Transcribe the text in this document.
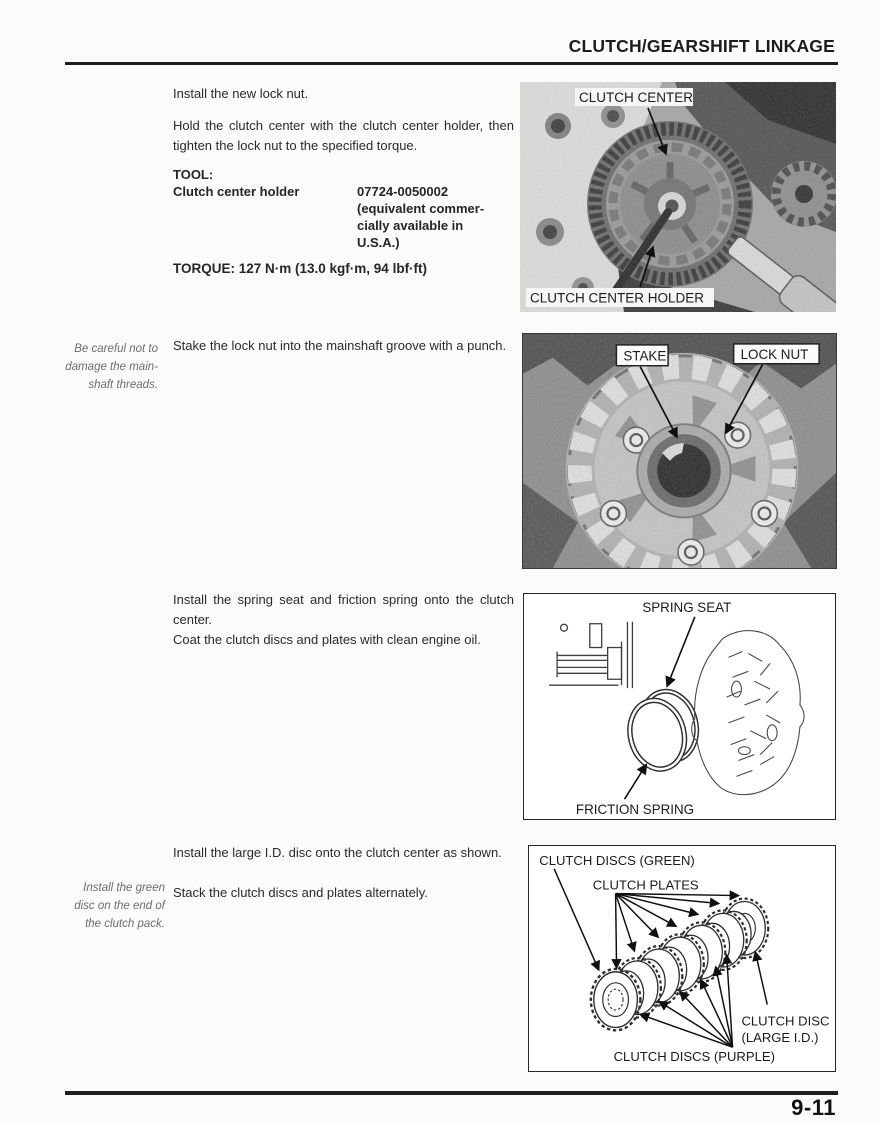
CLUTCH/GEARSHIFT LINKAGE
Install the new lock nut.
Hold the clutch center with the clutch center holder, then tighten the lock nut to the specified torque.
TOOL:
Clutch center holder	07724-0050002
(equivalent commer-
cially available in
U.S.A.)
TORQUE: 127 N·m (13.0 kgf·m, 94 lbf·ft)
CLUTCH CENTER
CLUTCH CENTER HOLDER
Be careful not to
damage the main-
shaft threads.
Stake the lock nut into the mainshaft groove with a punch.
STAKE	LOCK NUT
Install the spring seat and friction spring onto the clutch center.
Coat the clutch discs and plates with clean engine oil.
SPRING SEAT
FRICTION SPRING
Install the large I.D. disc onto the clutch center as shown.
Stack the clutch discs and plates alternately.
Install the green
disc on the end of
the clutch pack.
CLUTCH DISCS (GREEN)
CLUTCH PLATES
CLUTCH DISC
(LARGE I.D.)
CLUTCH DISCS (PURPLE)
9-11
